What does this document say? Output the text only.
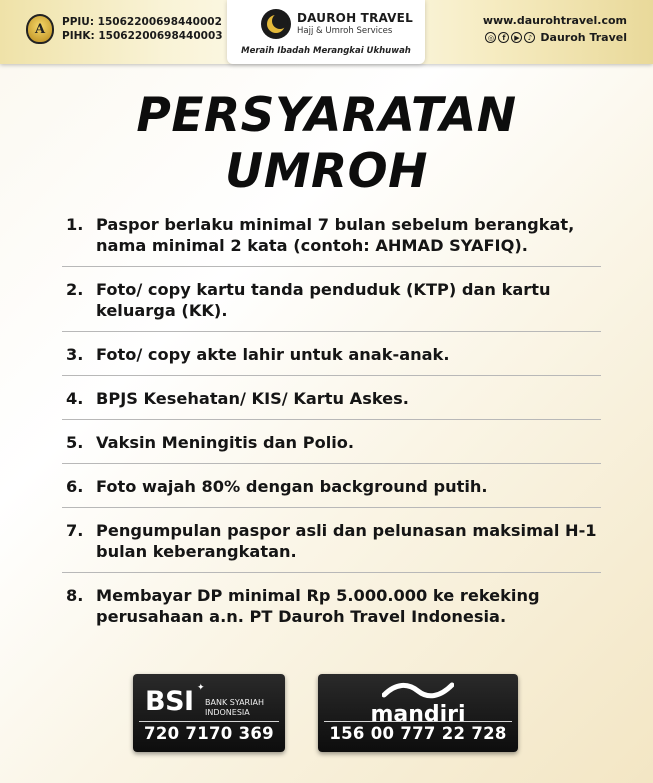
A PPIU: 15062200698440002
PIHK: 15062200698440003
DAUROH TRAVEL
Hajj & Umroh Services
Meraih Ibadah Merangkai Ukhuwah
www.daurohtravel.com
◎	f	▶	♪ Dauroh Travel
PERSYARATAN
UMROH
1. Paspor berlaku minimal 7 bulan sebelum berangkat, nama minimal 2 kata (contoh: AHMAD SYAFIQ).
2. Foto/ copy kartu tanda penduduk (KTP) dan kartu keluarga (KK).
3. Foto/ copy akte lahir untuk anak-anak.
4. BPJS Kesehatan/ KIS/ Kartu Askes.
5. Vaksin Meningitis dan Polio.
6. Foto wajah 80% dengan background putih.
7. Pengumpulan paspor asli dan pelunasan maksimal H-1 bulan keberangkatan.
8. Membayar DP minimal Rp 5.000.000 ke rekeking perusahaan a.n. PT Dauroh Travel Indonesia.
BSI ✦
BANK SYARIAH
INDONESIA
720 7170 369
mandiri
156 00 777 22 728
